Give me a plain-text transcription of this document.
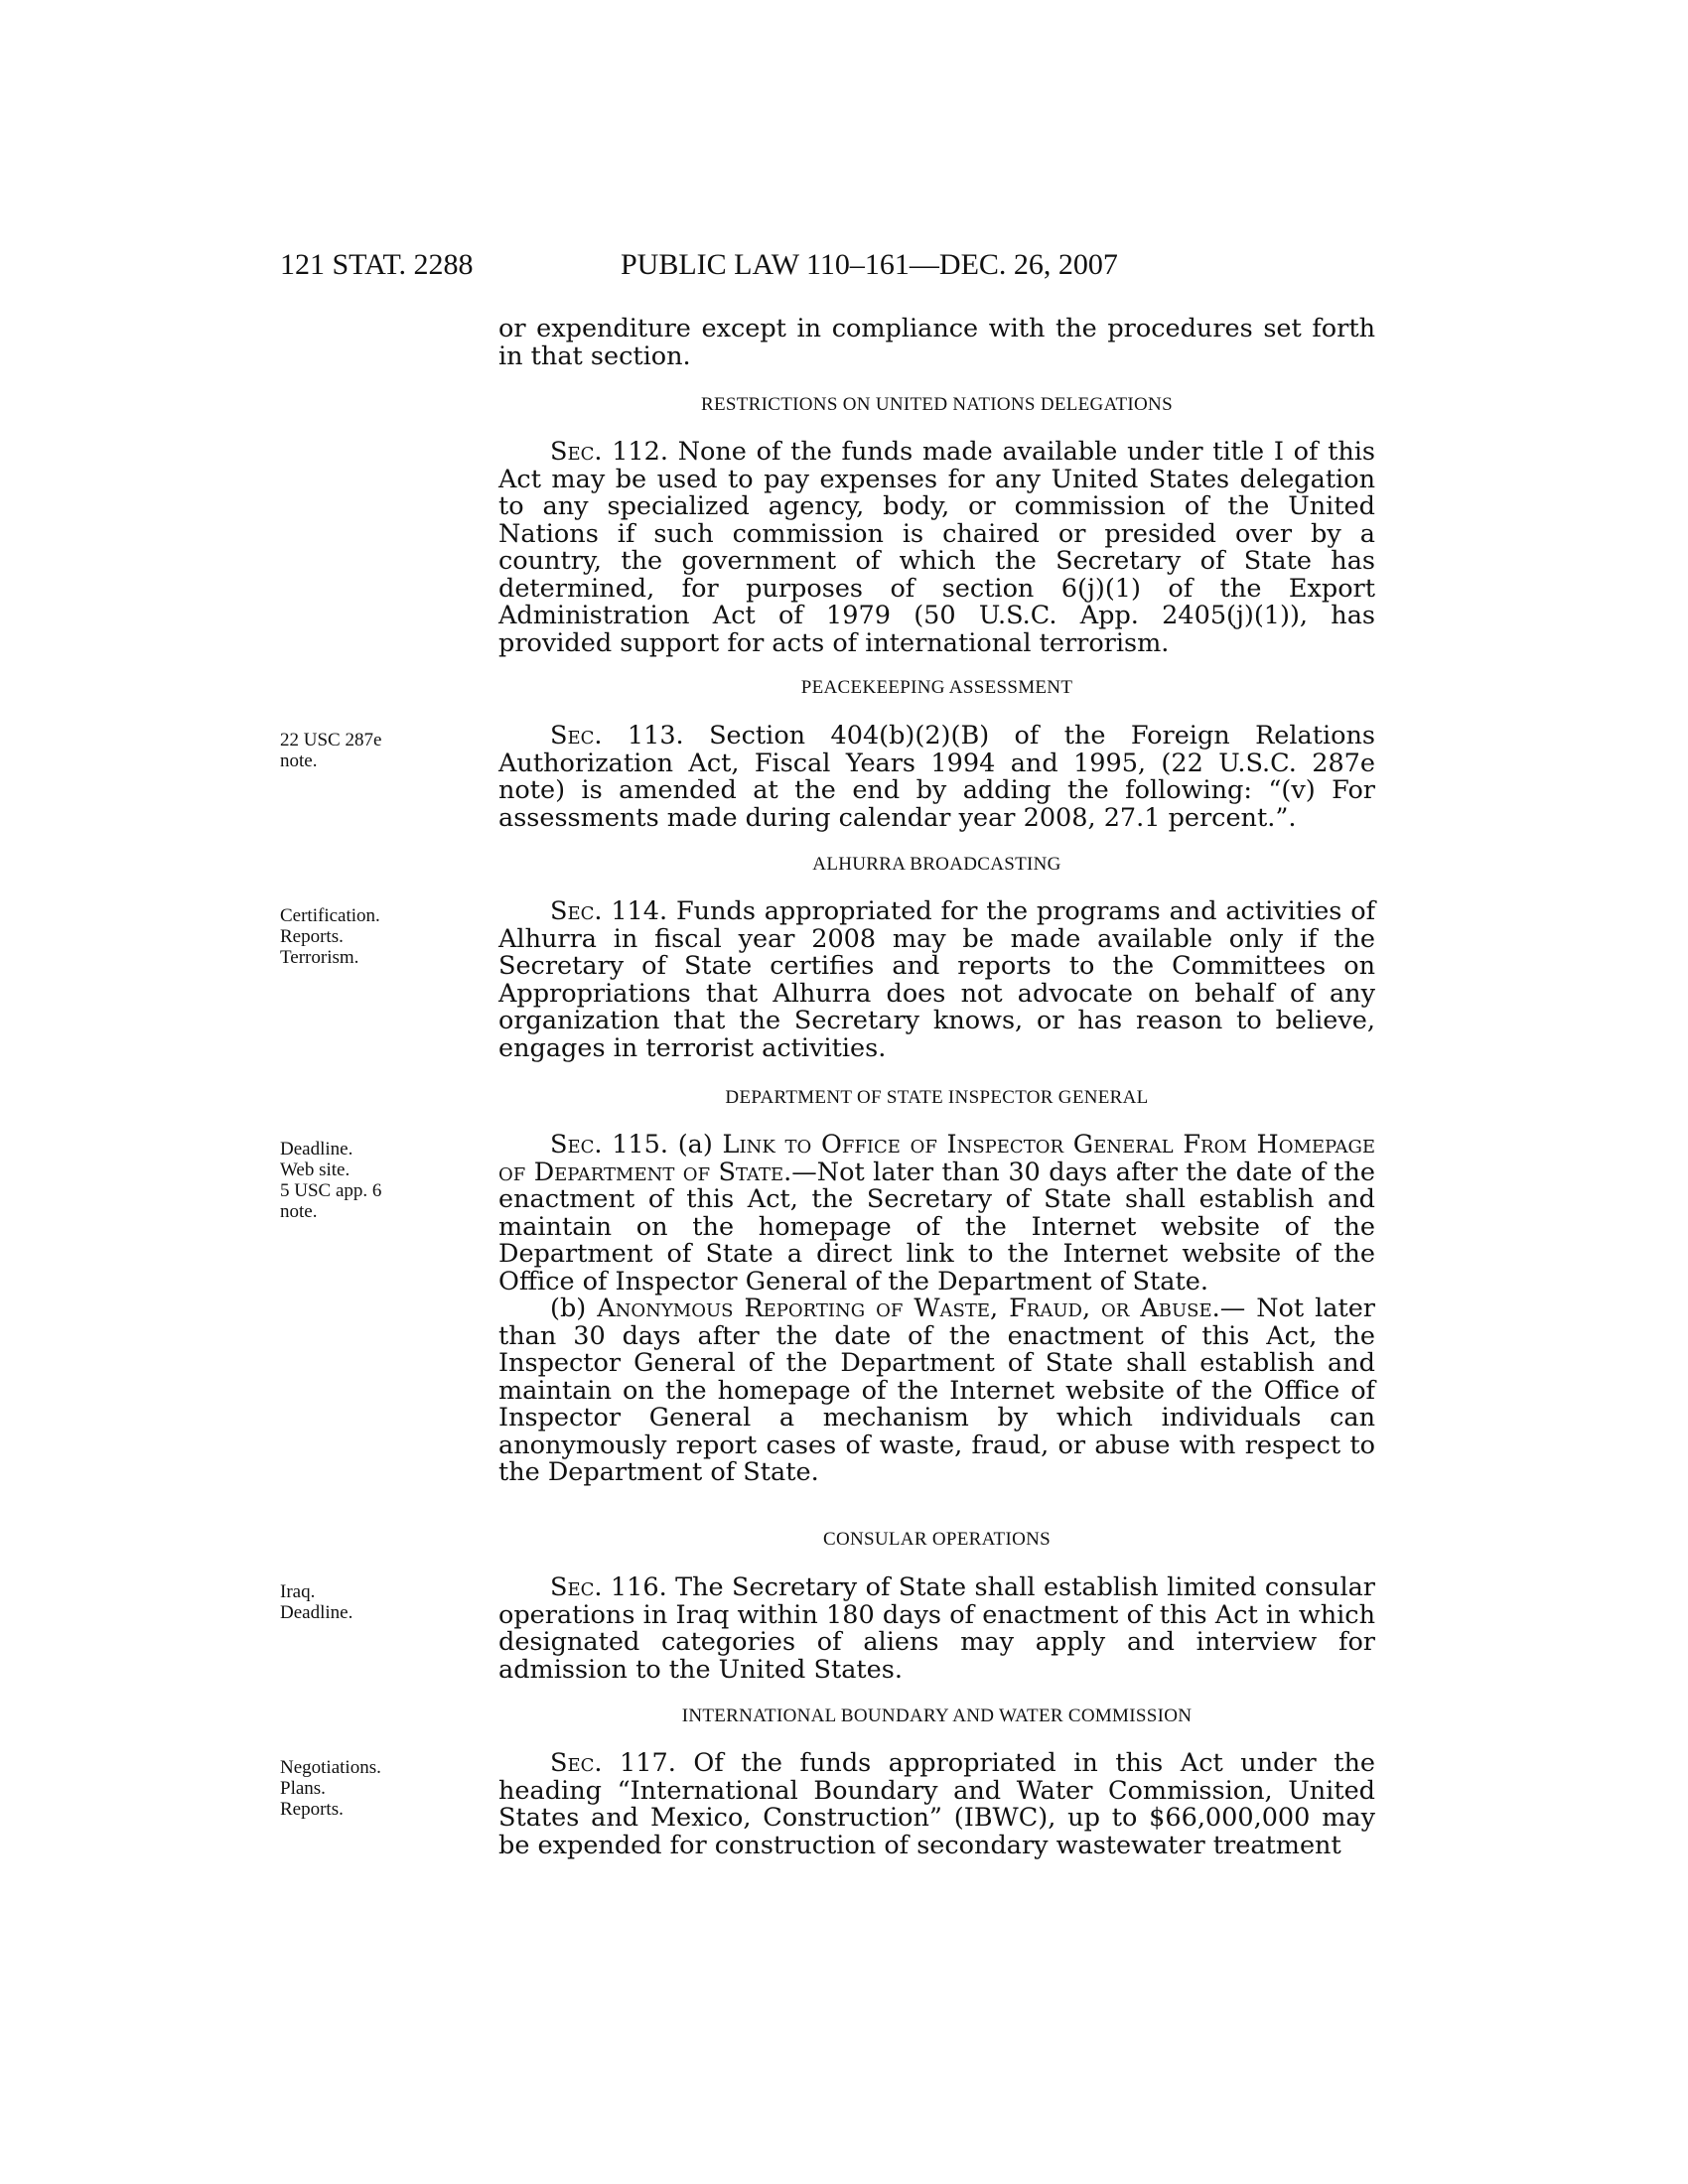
121 STAT. 2288	PUBLIC LAW 110–161—DEC. 26, 2007

or expenditure except in compliance with the procedures set forth in that section.

RESTRICTIONS ON UNITED NATIONS DELEGATIONS

Sec. 112. None of the funds made available under title I of this Act may be used to pay expenses for any United States delegation to any specialized agency, body, or commission of the United Nations if such commission is chaired or presided over by a country, the government of which the Secretary of State has determined, for purposes of section 6(j)(1) of the Export Administration Act of 1979 (50 U.S.C. App. 2405(j)(1)), has provided support for acts of international terrorism.

PEACEKEEPING ASSESSMENT
22 USC 287e
note.

Sec. 113. Section 404(b)(2)(B) of the Foreign Relations Authorization Act, Fiscal Years 1994 and 1995, (22 U.S.C. 287e note) is amended at the end by adding the following: “(v) For assessments made during calendar year 2008, 27.1 percent.”.

ALHURRA BROADCASTING
Certification.
Reports.
Terrorism.

Sec. 114. Funds appropriated for the programs and activities of Alhurra in fiscal year 2008 may be made available only if the Secretary of State certifies and reports to the Committees on Appropriations that Alhurra does not advocate on behalf of any organization that the Secretary knows, or has reason to believe, engages in terrorist activities.

DEPARTMENT OF STATE INSPECTOR GENERAL
Deadline.
Web site.
5 USC app. 6
note.

Sec. 115. (a) Link to Office of Inspector General From Homepage of Department of State.—Not later than 30 days after the date of the enactment of this Act, the Secretary of State shall establish and maintain on the homepage of the Internet website of the Department of State a direct link to the Internet website of the Office of Inspector General of the Department of State.

(b) Anonymous Reporting of Waste, Fraud, or Abuse.— Not later than 30 days after the date of the enactment of this Act, the Inspector General of the Department of State shall establish and maintain on the homepage of the Internet website of the Office of Inspector General a mechanism by which individuals can anonymously report cases of waste, fraud, or abuse with respect to the Department of State.

CONSULAR OPERATIONS
Iraq.
Deadline.

Sec. 116. The Secretary of State shall establish limited consular operations in Iraq within 180 days of enactment of this Act in which designated categories of aliens may apply and interview for admission to the United States.

INTERNATIONAL BOUNDARY AND WATER COMMISSION
Negotiations.
Plans.
Reports.

Sec. 117. Of the funds appropriated in this Act under the heading “International Boundary and Water Commission, United States and Mexico, Construction” (IBWC), up to $66,000,000 may be expended for construction of secondary wastewater treatment
